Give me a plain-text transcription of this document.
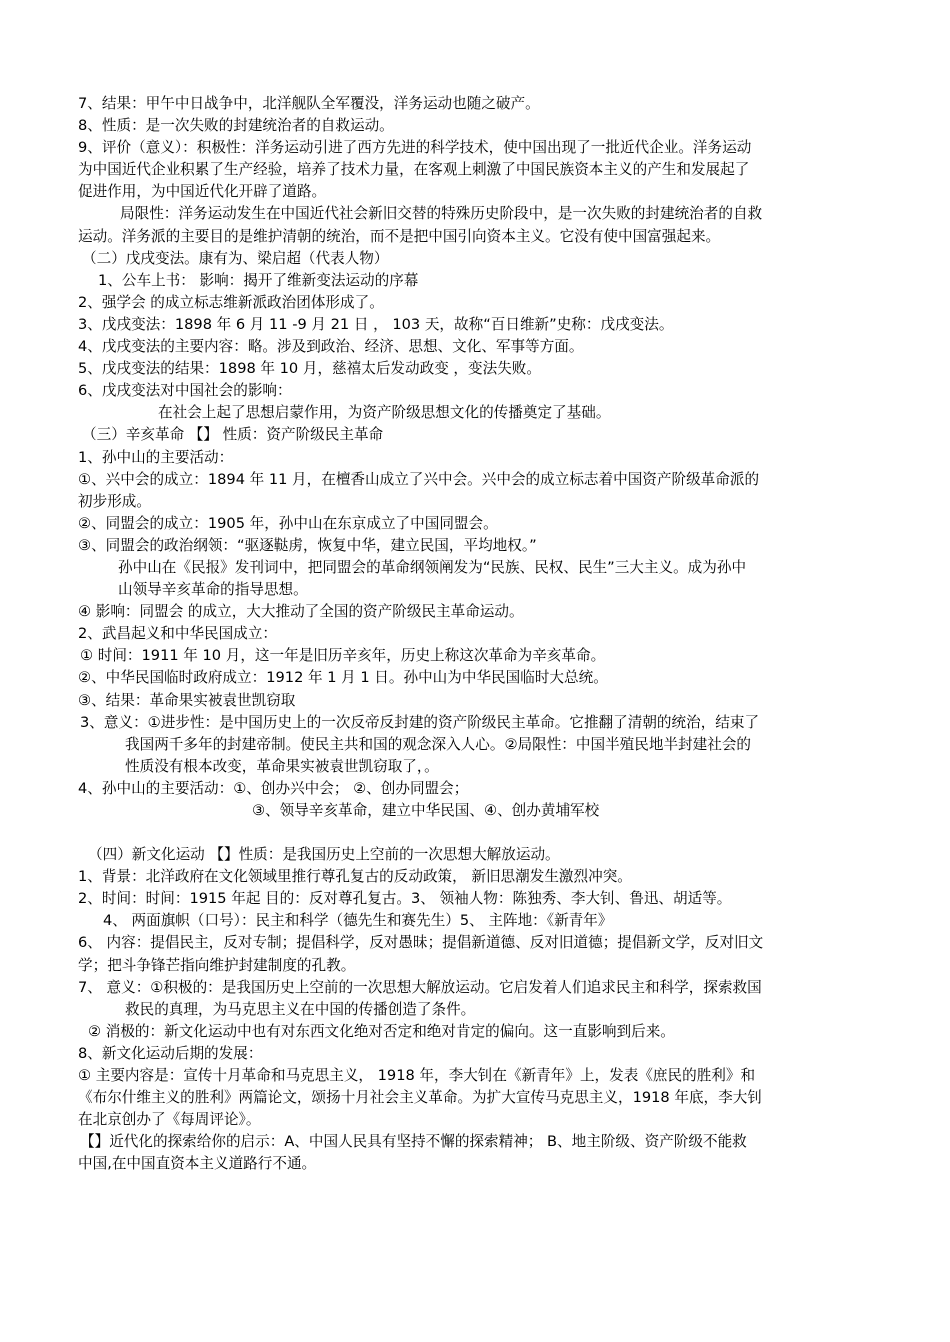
7、结果：甲午中日战争中，北洋舰队全军覆没，洋务运动也随之破产。
8、性质：是一次失败的封建统治者的自救运动。
9、评价（意义）：积极性：洋务运动引进了西方先进的科学技术，使中国出现了一批近代企业。洋务运动
为中国近代企业积累了生产经验，培养了技术力量，在客观上刺激了中国民族资本主义的产生和发展起了
促进作用，为中国近代化开辟了道路。
局限性：洋务运动发生在中国近代社会新旧交替的特殊历史阶段中，是一次失败的封建统治者的自救
运动。洋务派的主要目的是维护清朝的统治，而不是把中国引向资本主义。它没有使中国富强起来。
（二）戊戌变法。康有为、梁启超（代表人物）
1、公车上书： 影响：揭开了维新变法运动的序幕
2、强学会 的成立标志维新派政治团体形成了。
3、戊戌变法：1898 年 6 月 11 -9 月 21 日 ， 103 天，故称“百日维新”史称：戊戌变法。
4、戊戌变法的主要内容：略。涉及到政治、经济、思想、文化、军事等方面。
5、戊戌变法的结果：1898 年 10 月，慈禧太后发动政变 ，变法失败。
6、戊戌变法对中国社会的影响：
在社会上起了思想启蒙作用，为资产阶级思想文化的传播奠定了基础。
（三）辛亥革命 【】 性质：资产阶级民主革命
1、孙中山的主要活动：
①、兴中会的成立：1894 年 11 月，在檀香山成立了兴中会。兴中会的成立标志着中国资产阶级革命派的
初步形成。
②、同盟会的成立：1905 年，孙中山在东京成立了中国同盟会。
③、同盟会的政治纲领：“驱逐鞑虏，恢复中华，建立民国，平均地权。”
孙中山在《民报》发刊词中，把同盟会的革命纲领阐发为“民族、民权、民生”三大主义。成为孙中
山领导辛亥革命的指导思想。
④ 影响：同盟会 的成立，大大推动了全国的资产阶级民主革命运动。
2、武昌起义和中华民国成立：
① 时间：1911 年 10 月，这一年是旧历辛亥年，历史上称这次革命为辛亥革命。
②、中华民国临时政府成立：1912 年 1 月 1 日。孙中山为中华民国临时大总统。
③、结果：革命果实被袁世凯窃取
3、意义：①进步性：是中国历史上的一次反帝反封建的资产阶级民主革命。它推翻了清朝的统治，结束了
我国两千多年的封建帝制。使民主共和国的观念深入人心。②局限性：中国半殖民地半封建社会的
性质没有根本改变，革命果实被袁世凯窃取了，。
4、孙中山的主要活动：①、创办兴中会； ②、创办同盟会；
③、领导辛亥革命，建立中华民国、④、创办黄埔军校
（四）新文化运动 【】性质：是我国历史上空前的一次思想大解放运动。
1、背景：北洋政府在文化领域里推行尊孔复古的反动政策， 新旧思潮发生激烈冲突。
2、时间：时间：1915 年起 目的：反对尊孔复古。3、 领袖人物：陈独秀、李大钊、鲁迅、胡适等。
4、 两面旗帜（口号）：民主和科学（德先生和赛先生）5、 主阵地：《新青年》
6、 内容：提倡民主，反对专制；提倡科学，反对愚昧；提倡新道德、反对旧道德；提倡新文学，反对旧文
学；把斗争锋芒指向维护封建制度的孔教。
7、 意义：①积极的：是我国历史上空前的一次思想大解放运动。它启发着人们追求民主和科学，探索救国
救民的真理，为马克思主义在中国的传播创造了条件。
② 消极的：新文化运动中也有对东西文化绝对否定和绝对肯定的偏向。这一直影响到后来。
8、新文化运动后期的发展：
① 主要内容是：宣传十月革命和马克思主义， 1918 年，李大钊在《新青年》上，发表《庶民的胜利》和
《布尔什维主义的胜利》两篇论文，颂扬十月社会主义革命。为扩大宣传马克思主义，1918 年底，李大钊
在北京创办了《每周评论》。
【】近代化的探索给你的启示：A、中国人民具有坚持不懈的探索精神； B、地主阶级、资产阶级不能救
中国,在中国直资本主义道路行不通。
